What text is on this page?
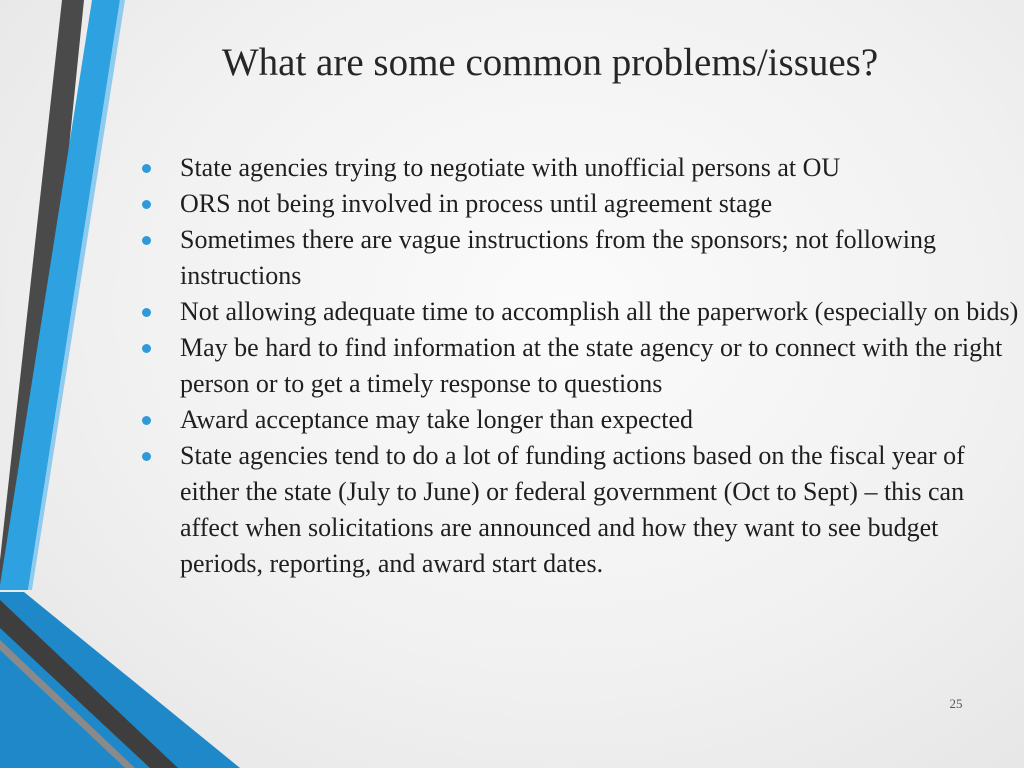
What are some common problems/issues?
State agencies trying to negotiate with unofficial persons at OU
ORS not being involved in process until agreement stage
Sometimes there are vague instructions from the sponsors; not following instructions
Not allowing adequate time to accomplish all the paperwork (especially on bids)
May be hard to find information at the state agency or to connect with the right person or to get a timely response to questions
Award acceptance may take longer than expected
State agencies tend to do a lot of funding actions based on the fiscal year of either the state (July to June) or federal government (Oct to Sept) – this can affect when solicitations are announced and how they want to see budget periods, reporting, and award start dates.
25
